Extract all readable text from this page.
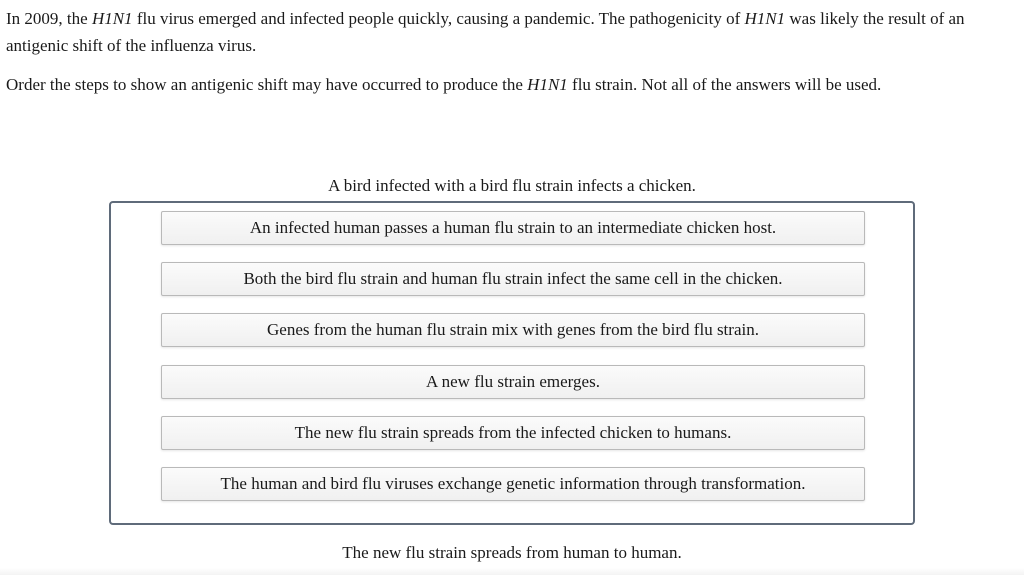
In 2009, the H1N1 flu virus emerged and infected people quickly, causing a pandemic. The pathogenicity of H1N1 was likely the result of an antigenic shift of the influenza virus.

Order the steps to show an antigenic shift may have occurred to produce the H1N1 flu strain. Not all of the answers will be used.

A bird infected with a bird flu strain infects a chicken.
An infected human passes a human flu strain to an intermediate chicken host.
Both the bird flu strain and human flu strain infect the same cell in the chicken.
Genes from the human flu strain mix with genes from the bird flu strain.
A new flu strain emerges.
The new flu strain spreads from the infected chicken to humans.
The human and bird flu viruses exchange genetic information through transformation.
The new flu strain spreads from human to human.
